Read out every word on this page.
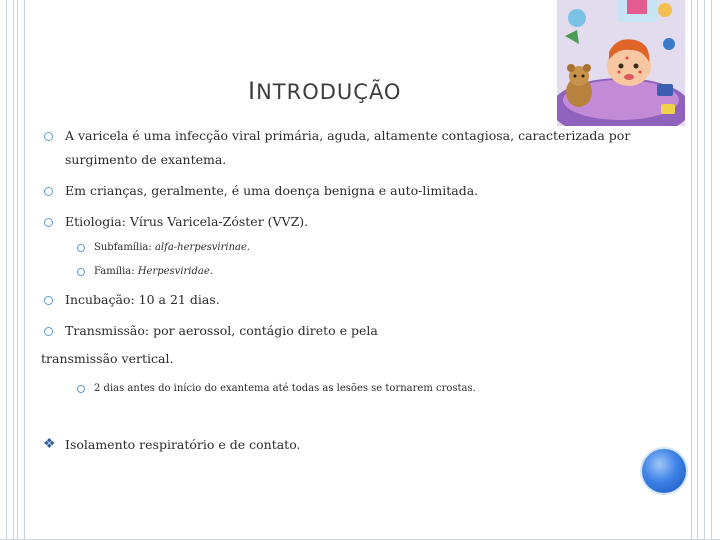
INTRODUÇÃO
A varicela é uma infecção viral primária, aguda, altamente contagiosa, caracterizada por
surgimento de exantema.
Em crianças, geralmente, é uma doença benigna e auto-limitada.
Etiologia: Vírus Varicela-Zóster (VVZ).
Subfamília: alfa-herpesvirinae.
Família: Herpesviridae.
Incubação: 10 a 21 dias.
Transmissão: por aerossol, contágio direto e pela
transmissão vertical.
2 dias antes do início do exantema até todas as lesões se tornarem crostas.
❖ Isolamento respiratório e de contato.
